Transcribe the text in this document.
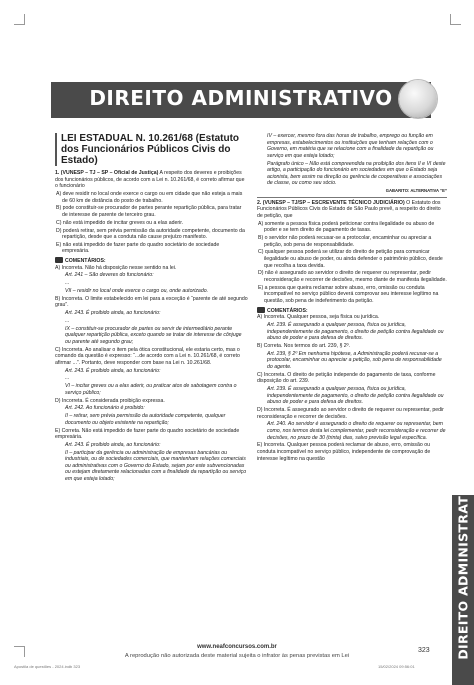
DIREITO ADMINISTRATIVO
DIREITO ADMINISTRATIVO
LEI ESTADUAL N. 10.261/68 (Estatuto dos Funcionários Públicos Civis do Estado)

1. (VUNESP – TJ – SP – Oficial de Justiça) A respeito dos deveres e proibições dos funcionários públicos, de acordo com a Lei n. 10.261/68, é correto afirmar que o funcionário

A) deve residir no local onde exerce o cargo ou em cidade que não esteja a mais de 60 km de distância do posto de trabalho.

B) pode constituir-se procurador de partes perante repartição pública, para tratar de interesse de parente de terceiro grau.

C) não está impedido de incitar greves ou a elas aderir.

D) poderá retirar, sem prévia permissão da autoridade competente, documento da repartição, desde que a conduta não cause prejuízo manifesto.

E) não está impedido de fazer parte do quadro societário de sociedade empresária.

COMENTÁRIOS:

A) Incorreta. Não há disposição nesse sentido na lei.

Art. 241 – São deveres do funcionário:

...

VII – residir no local onde exerce o cargo ou, onde autorizado.

B) Incorreta. O limite estabelecido em lei para a exceção é “parente de até segundo grau”.

Art. 243. É proibido ainda, ao funcionário:

...

IX – constituir-se procurador de partes ou servir de intermediário perante qualquer repartição pública, exceto quando se tratar de interesse de cônjuge ou parente até segundo grau;

C) Incorreta. Ao analisar o item pela ótica constitucional, ele estaria certo, mas o comando da questão é expresso: “...de acordo com a Lei n. 10.261/68, é correto afirmar ...”. Portanto, deve responder com base na Lei n. 10.261/68.

Art. 243. É proibido ainda, ao funcionário:

...

VI – incitar greves ou a elas aderir, ou praticar atos de sabotagem contra o serviço público;

D) Incorreta. É considerada proibição expressa.

Art. 242. Ao funcionário é proibido:

II – retirar, sem prévia permissão da autoridade competente, qualquer documento ou objeto existente na repartição;

E) Correta. Não está impedido de fazer parte do quadro societário de sociedade empresária.

Art. 243. É proibido ainda, ao funcionário:

II – participar da gerência ou administração de empresas bancárias ou industriais, ou de sociedades comerciais, que mantenham relações comerciais ou administrativas com o Governo do Estado, sejam por este subvencionadas ou estejam diretamente relacionadas com a finalidade da repartição ou serviço em que esteja lotado;

IV – exercer, mesmo fora das horas de trabalho, emprego ou função em empresas, estabelecimentos ou instituições que tenham relações com o Governo, em matéria que se relacione com a finalidade da repartição ou serviço em que esteja lotado;

Parágrafo único – Não está compreendida na proibição dos itens II e VI deste artigo, a participação do funcionário em sociedades em que o Estado seja acionista, bem assim na direção ou gerência de cooperativas e associações de classe, ou como seu sócio.

GABARITO: ALTERNATIVA “E”

2. (VUNESP – TJ/SP – ESCREVENTE TÉCNICO JUDICIÁRIO) O Estatuto dos Funcionários Públicos Civis do Estado de São Paulo prevê, a respeito do direito de petição, que

A) somente a pessoa física poderá peticionar contra ilegalidade ou abuso de poder e se tem direito de pagamento de taxas.

B) o servidor não poderá recusar-se a protocolar, encaminhar ou apreciar a petição, sob pena de responsabilidade.

C) qualquer pessoa poderá se utilizar do direito de petição para comunicar ilegalidade ou abuso de poder, ou ainda defender o patrimônio público, desde que recolha a taxa devida.

D) não é assegurado ao servidor o direito de requerer ou representar, pedir reconsideração e recorrer de decisões, mesmo diante de manifesta ilegalidade.

E) a pessoa que queira reclamar sobre abuso, erro, omissão ou conduta incompatível no serviço público deverá comprovar seu interesse legítimo na questão, sob pena de indeferimento da petição.

COMENTÁRIOS:

A) Incorreta. Qualquer pessoa, seja física ou jurídica.

Art. 239. É assegurado a qualquer pessoa, física ou jurídica, independentemente de pagamento, o direito de petição contra ilegalidade ou abuso de poder e para defesa de direitos.

B) Correta. Nos termos do art. 239, § 2º.

Art. 239, § 2º Em nenhuma hipótese, a Administração poderá recusar-se a protocolar, encaminhar ou apreciar a petição, sob pena de responsabilidade do agente.

C) Incorreta. O direito de petição independe do pagamento de taxa, conforme disposição do art. 239.

Art. 239. É assegurado a qualquer pessoa, física ou jurídica, independentemente de pagamento, o direito de petição contra ilegalidade ou abuso de poder e para defesa de direitos.

D) Incorreta. É assegurado ao servidor o direito de requerer ou representar, pedir reconsideração e recorrer de decisões.

Art. 240. Ao servidor é assegurado o direito de requerer ou representar, bem como, nos termos desta lei complementar, pedir reconsideração e recorrer de decisões, no prazo de 30 (trinta) dias, salvo previsão legal específica.

E) Incorreta. Qualquer pessoa poderá reclamar de abuso, erro, omissão ou conduta incompatível no serviço público, independente de comprovação de interesse legítimo na questão

www.neafconcursos.com.br
A reprodução não autorizada deste material sujeita o infrator às penas previstas em Lei
323
Apostila de questões - 2024.indb 323	15/02/2024 09:56:01
